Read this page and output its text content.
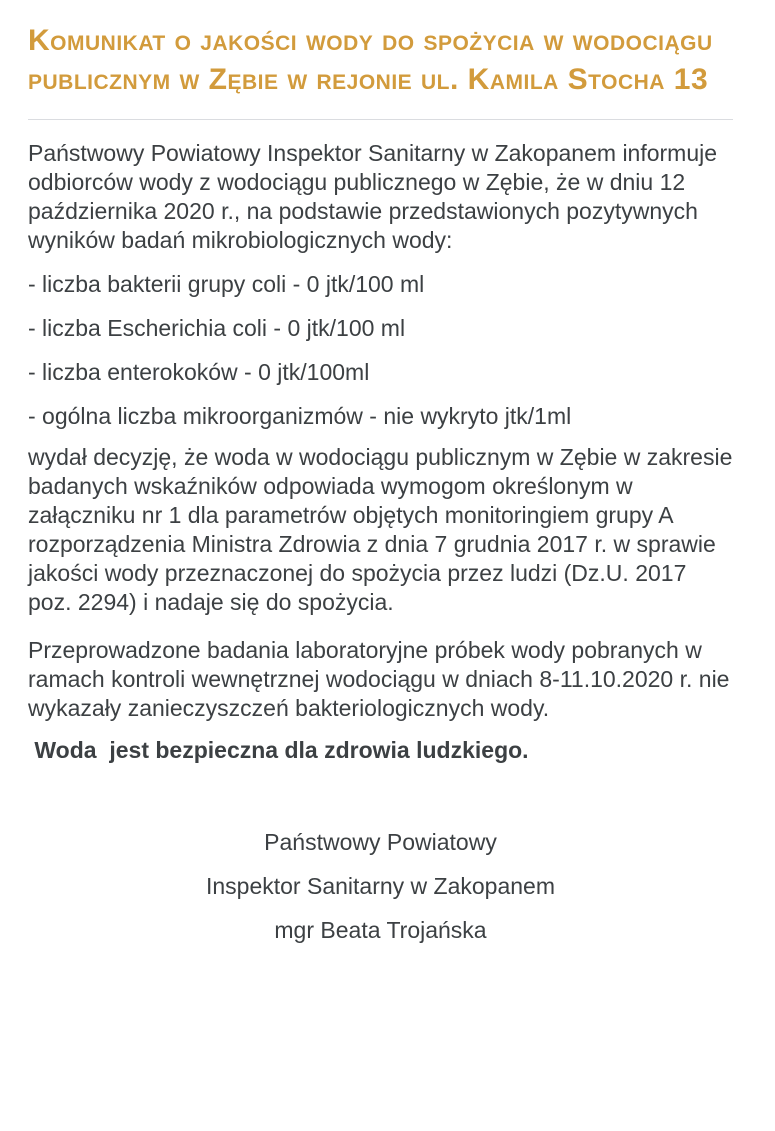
Komunikat o jakości wody do spożycia w wodociągu publicznym w Zębie w rejonie ul. Kamila Stocha 13

Państwowy Powiatowy Inspektor Sanitarny w Zakopanem informuje odbiorców wody z wodociągu publicznego w Zębie, że w dniu 12 października 2020 r., na podstawie przedstawionych pozytywnych wyników badań mikrobiologicznych wody:

- liczba bakterii grupy coli - 0 jtk/100 ml

- liczba Escherichia coli - 0 jtk/100 ml

- liczba enterokoków - 0 jtk/100ml

- ogólna liczba mikroorganizmów - nie wykryto jtk/1ml

wydał decyzję, że woda w wodociągu publicznym w Zębie w zakresie badanych wskaźników odpowiada wymogom określonym w załączniku nr 1 dla parametrów objętych monitoringiem grupy A rozporządzenia Ministra Zdrowia z dnia 7 grudnia 2017 r. w sprawie jakości wody przeznaczonej do spożycia przez ludzi (Dz.U. 2017 poz. 2294) i nadaje się do spożycia.

Przeprowadzone badania laboratoryjne próbek wody pobranych w ramach kontroli wewnętrznej wodociągu w dniach 8-11.10.2020 r. nie wykazały zanieczyszczeń bakteriologicznych wody.

Woda  jest bezpieczna dla zdrowia ludzkiego.

Państwowy Powiatowy

Inspektor Sanitarny w Zakopanem

mgr Beata Trojańska
